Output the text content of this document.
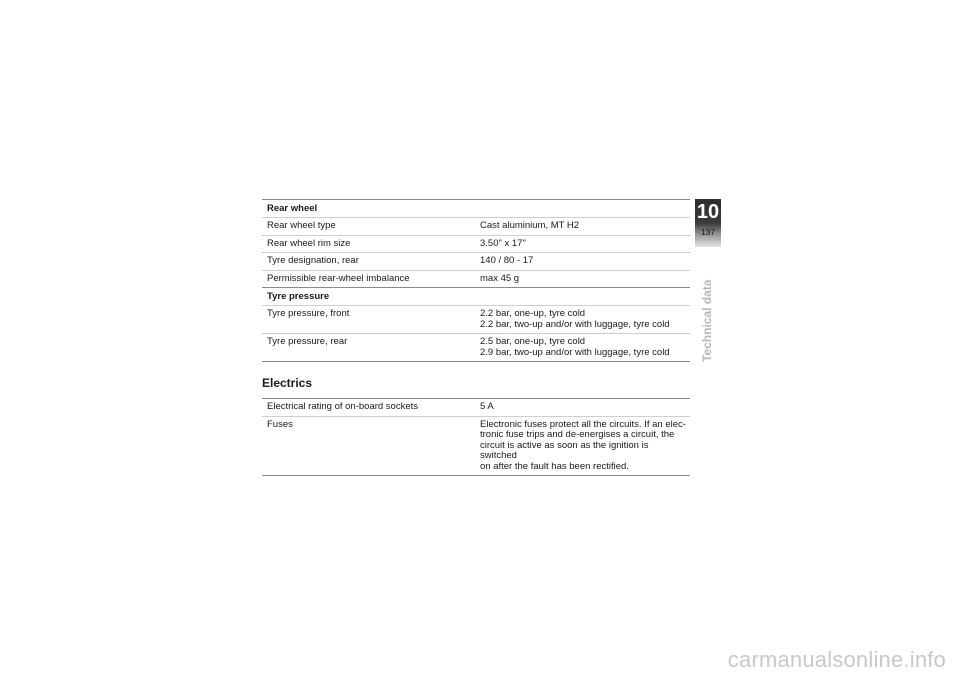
Rear wheel
Rear wheel type	Cast aluminium, MT H2
Rear wheel rim size	3.50" x 17"
Tyre designation, rear	140 / 80 - 17
Permissible rear-wheel imbalance	max 45 g
Tyre pressure
Tyre pressure, front	2.2 bar, one-up, tyre cold
2.2 bar, two-up and/or with luggage, tyre cold
Tyre pressure, rear	2.5 bar, one-up, tyre cold
2.9 bar, two-up and/or with luggage, tyre cold
Electrics
Electrical rating of on-board sockets	5 A
Fuses	Electronic fuses protect all the circuits. If an elec-
tronic fuse trips and de-energises a circuit, the
circuit is active as soon as the ignition is switched
on after the fault has been rectified.
10
137
Technical data
carmanualsonline.info
